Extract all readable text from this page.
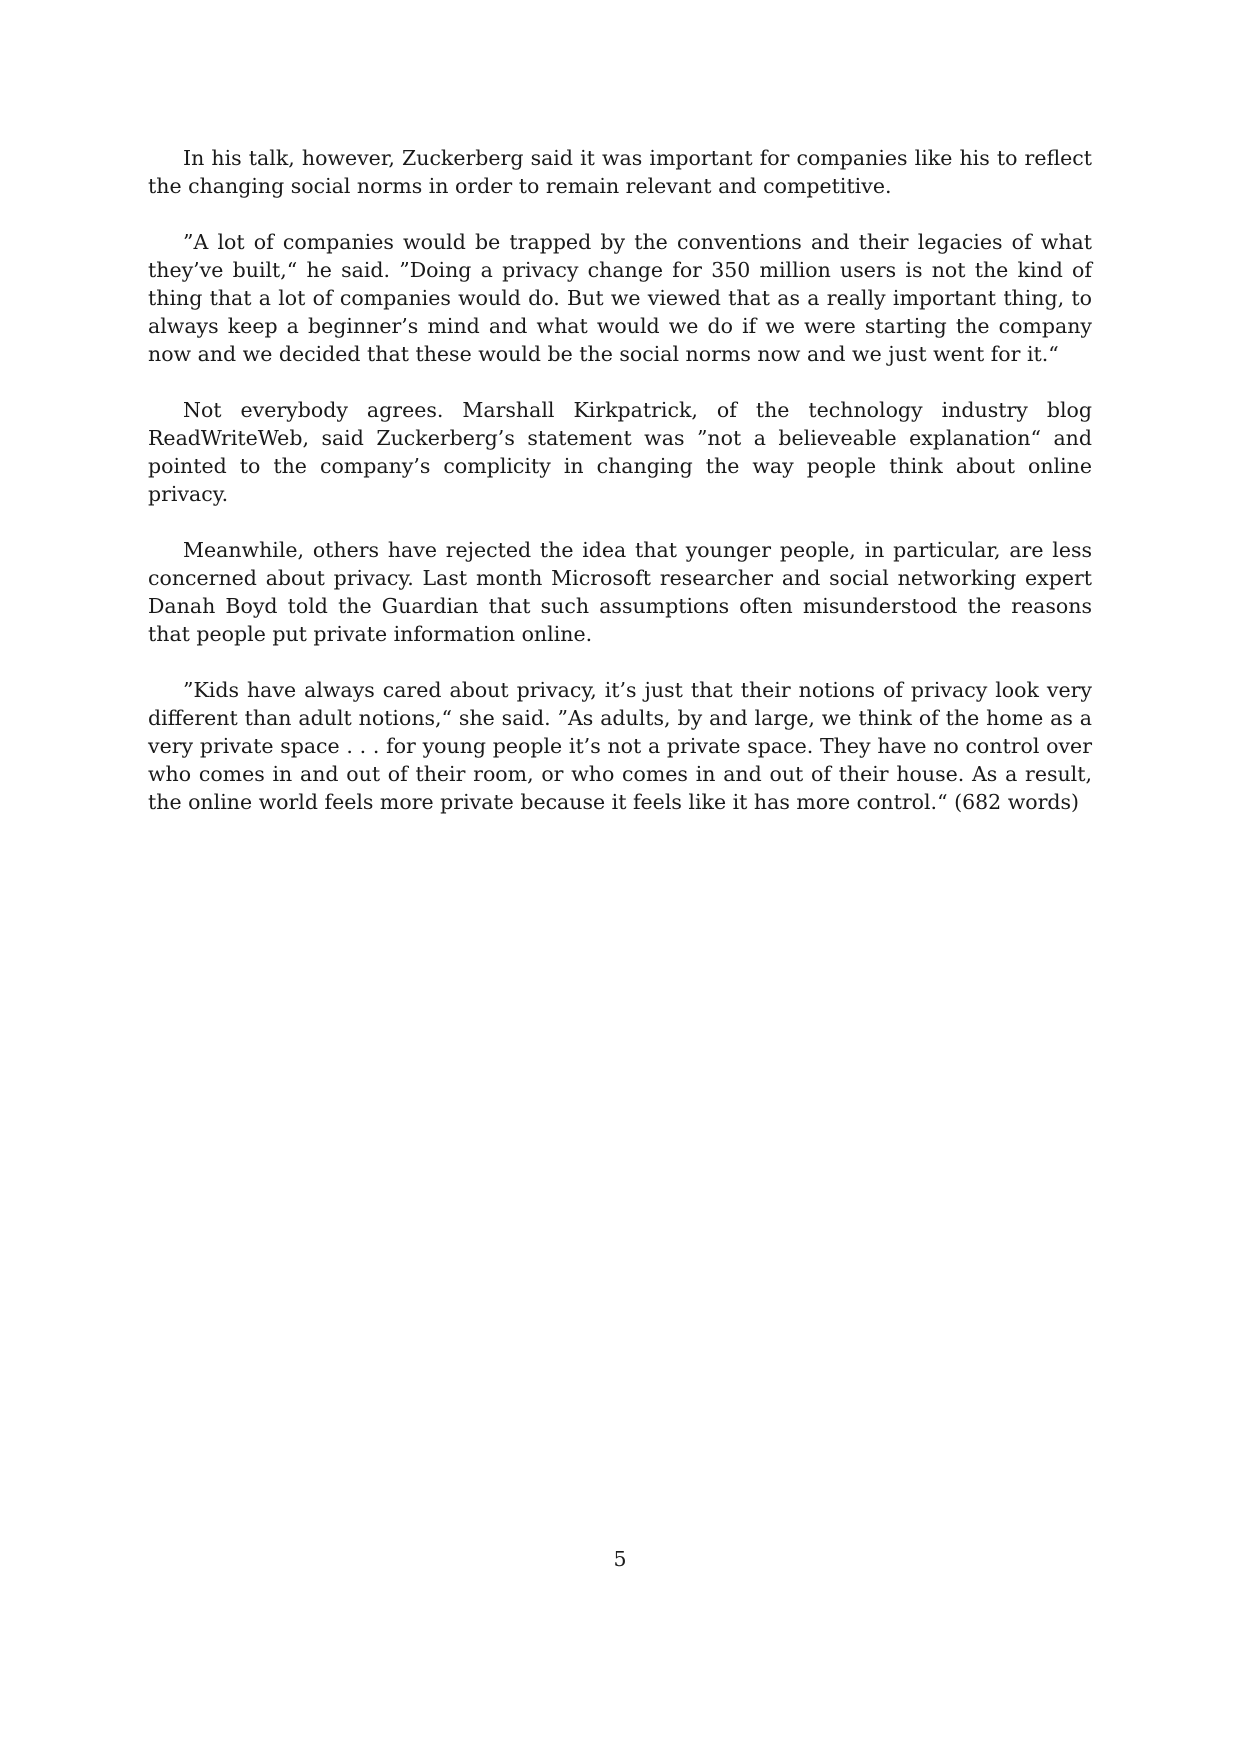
In his talk, however, Zuckerberg said it was important for companies like his to reflect the changing social norms in order to remain relevant and competitive.

”A lot of companies would be trapped by the conventions and their legacies of what they’ve built,“ he said. ”Doing a privacy change for 350 million users is not the kind of thing that a lot of companies would do. But we viewed that as a really important thing, to always keep a beginner’s mind and what would we do if we were starting the company now and we decided that these would be the social norms now and we just went for it.“

Not everybody agrees. Marshall Kirkpatrick, of the technology industry blog ReadWriteWeb, said Zuckerberg’s statement was ”not a believeable explanation“ and pointed to the company’s complicity in changing the way people think about online privacy.

Meanwhile, others have rejected the idea that younger people, in particular, are less concerned about privacy. Last month Microsoft researcher and social networking expert Danah Boyd told the Guardian that such assumptions often misunderstood the reasons that people put private information online.

”Kids have always cared about privacy, it’s just that their notions of privacy look very different than adult notions,“ she said. ”As adults, by and large, we think of the home as a very private space . . . for young people it’s not a private space. They have no control over who comes in and out of their room, or who comes in and out of their house. As a result, the online world feels more private because it feels like it has more control.“ (682 words)

5
